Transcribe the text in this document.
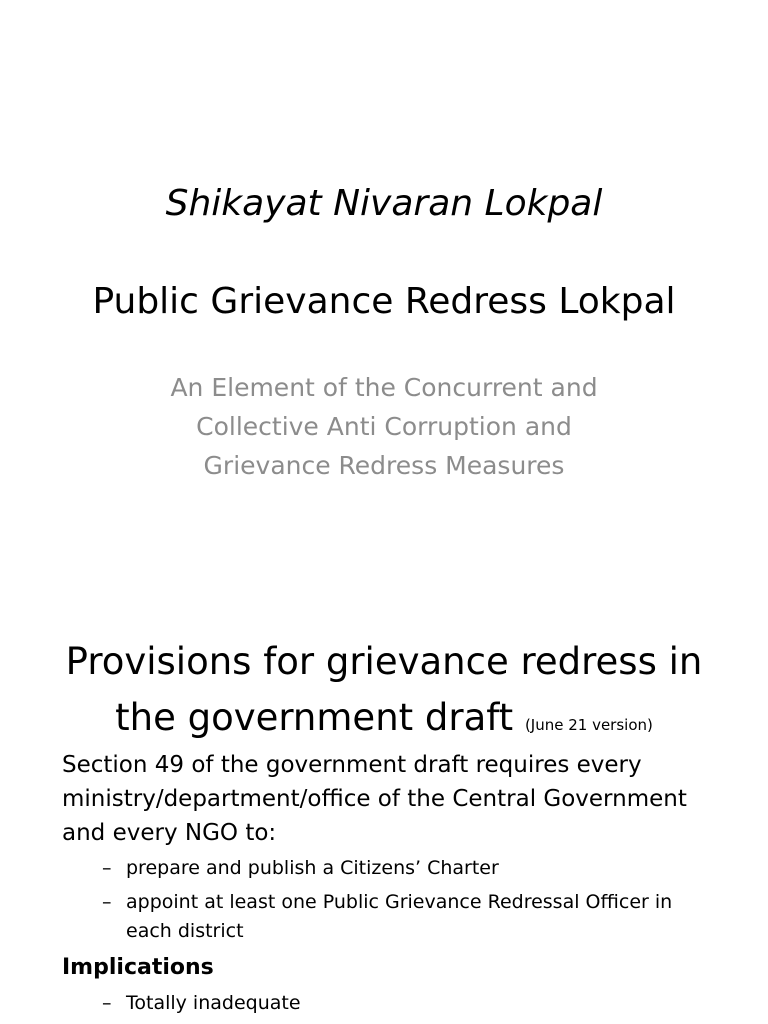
Shikayat Nivaran Lokpal
Public Grievance Redress Lokpal
An Element of the Concurrent and
Collective Anti Corruption and
Grievance Redress Measures
Provisions for grievance redress in
the government draft (June 21 version)

Section 49 of the government draft requires every
ministry/department/office of the Central Government
and every NGO to:

– prepare and publish a Citizens’ Charter
– appoint at least one Public Grievance Redressal Officer in
each district
Implications
– Totally inadequate
